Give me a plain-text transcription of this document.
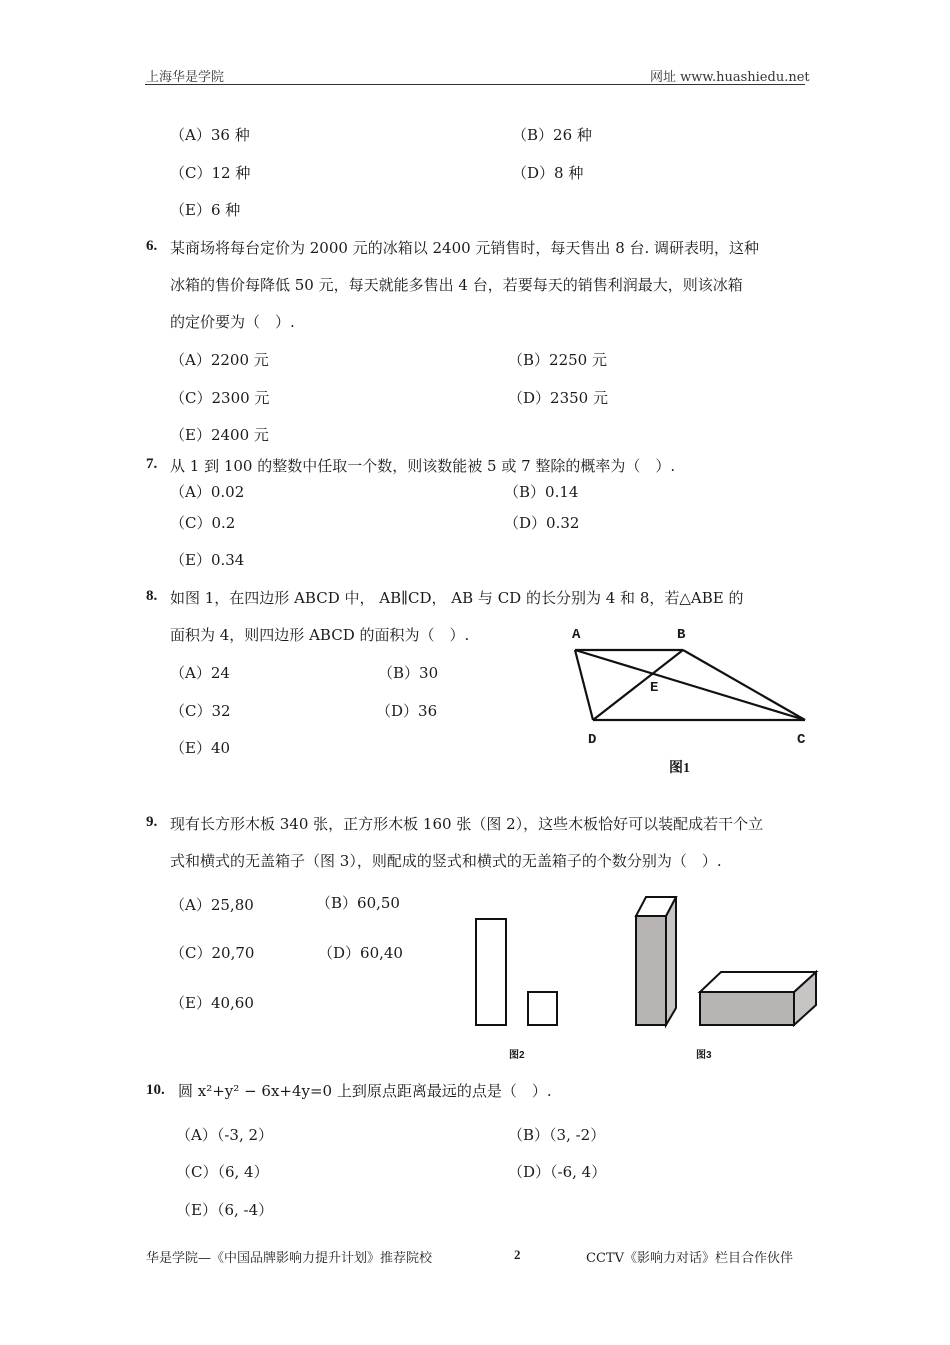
上海华是学院	网址 www.huashiedu.net
（A）36 种	（B）26 种
（C）12 种	（D）8 种
（E）6 种
6. 某商场将每台定价为 2000 元的冰箱以 2400 元销售时，每天售出 8 台. 调研表明，这种
冰箱的售价每降低 50 元，每天就能多售出 4 台，若要每天的销售利润最大，则该冰箱
的定价要为（　）.
（A）2200 元	（B）2250 元
（C）2300 元	（D）2350 元
（E）2400 元
7. 从 1 到 100 的整数中任取一个数，则该数能被 5 或 7 整除的概率为（　）.
（A）0.02	（B）0.14
（C）0.2	（D）0.32
（E）0.34
8. 如图 1，在四边形 ABCD 中， AB∥CD， AB 与 CD 的长分别为 4 和 8，若△ABE 的
面积为 4，则四边形 ABCD 的面积为（　）.
（A）24	（B）30
（C）32	（D）36
（E）40
A	B
E
D	C
图1
9. 现有长方形木板 340 张，正方形木板 160 张（图 2），这些木板恰好可以装配成若干个立
式和横式的无盖箱子（图 3），则配成的竖式和横式的无盖箱子的个数分别为（　）.
（A）25,80	（B）60,50
（C）20,70	（D）60,40
（E）40,60
图2	图3
10. 圆 x²+y² − 6x+4y=0 上到原点距离最远的点是（　）.
（A）（-3, 2）	（B）（3, -2）
（C）（6, 4）	（D）（-6, 4）
（E）（6, -4）
华是学院—《中国品牌影响力提升计划》推荐院校	2	CCTV《影响力对话》栏目合作伙伴
